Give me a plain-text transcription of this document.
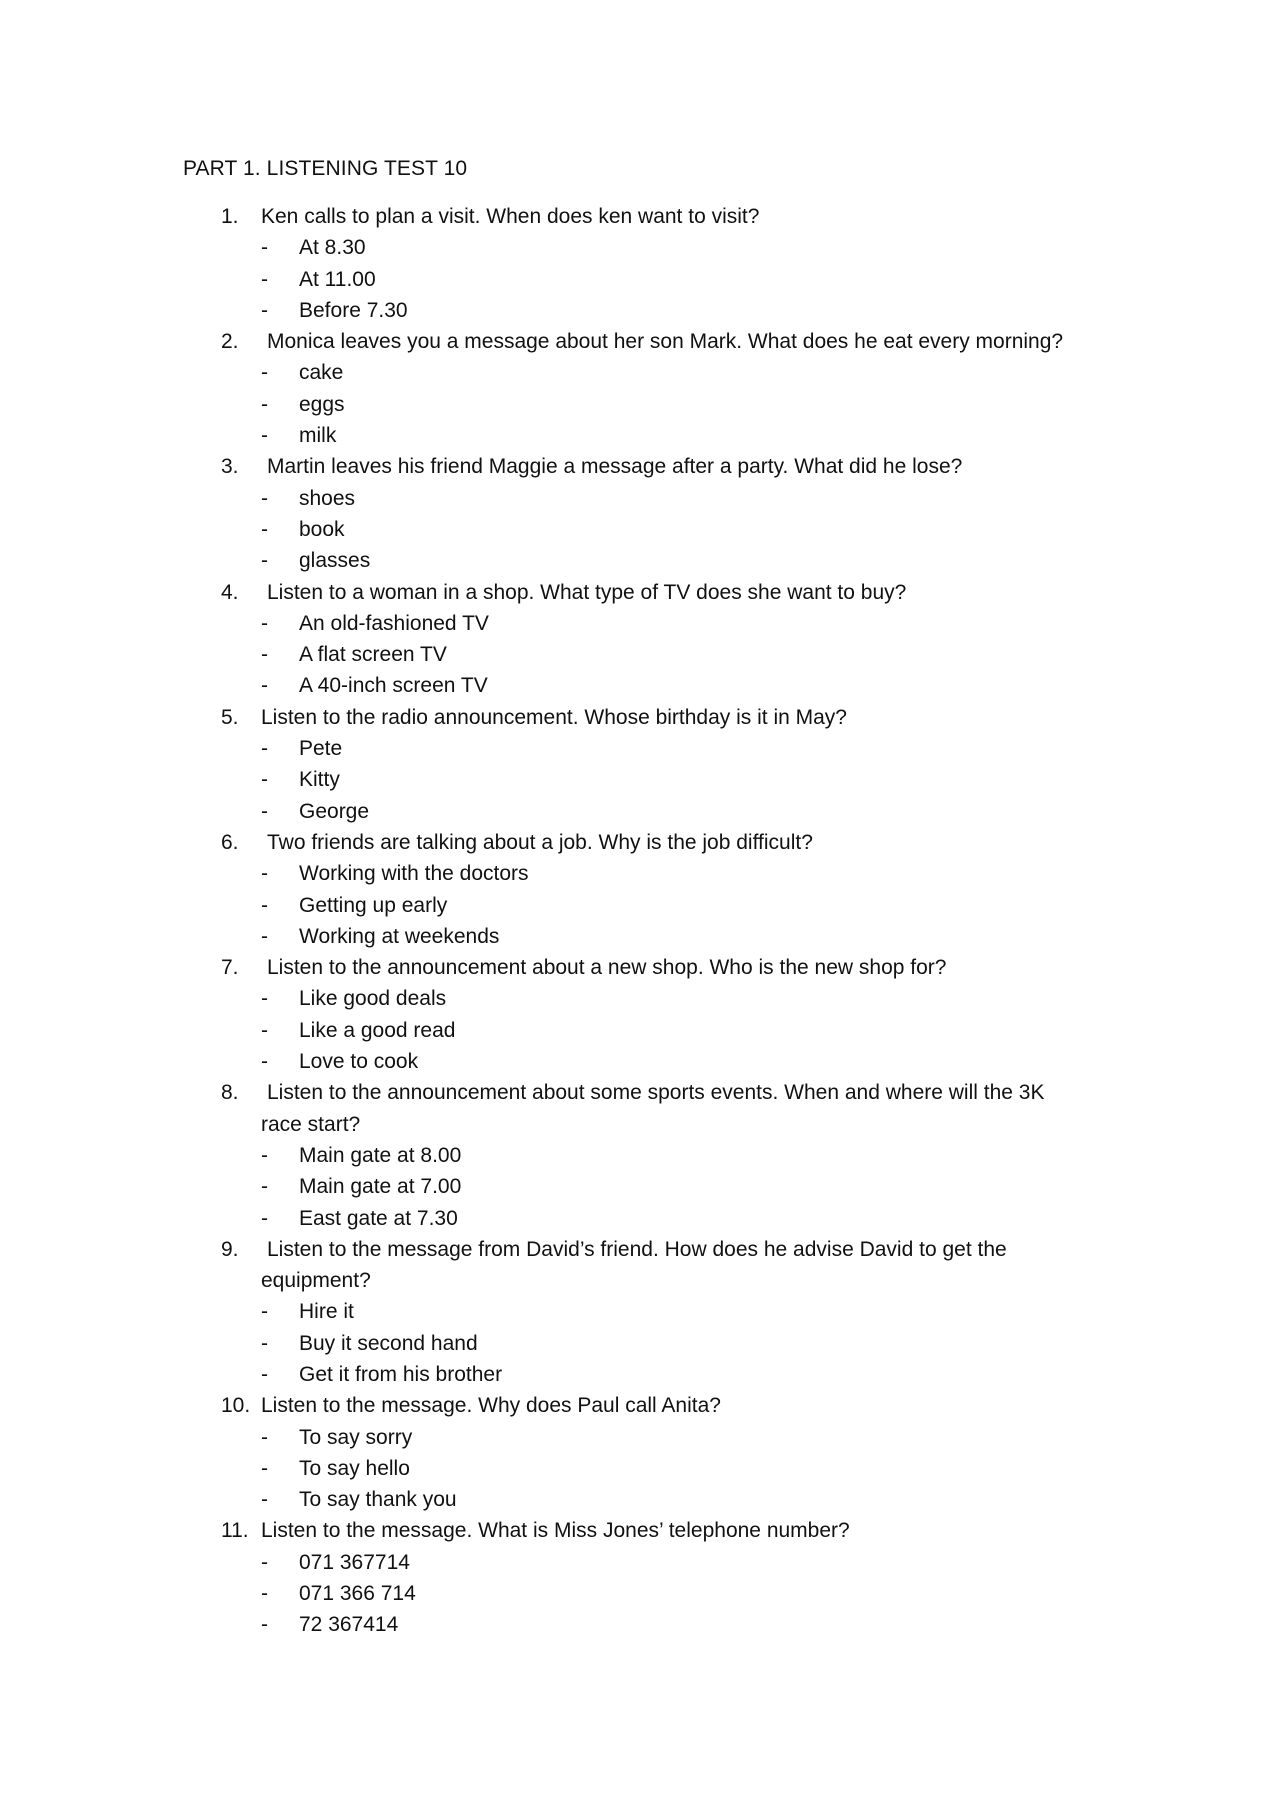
PART 1. LISTENING TEST 10
1. Ken calls to plan a visit. When does ken want to visit?
- At 8.30
- At 11.00
- Before 7.30
2. Monica leaves you a message about her son Mark. What does he eat every morning?
- cake
- eggs
- milk
3. Martin leaves his friend Maggie a message after a party. What did he lose?
- shoes
- book
- glasses
4. Listen to a woman in a shop. What type of TV does she want to buy?
- An old-fashioned TV
- A flat screen TV
- A 40-inch screen TV
5. Listen to the radio announcement. Whose birthday is it in May?
- Pete
- Kitty
- George
6. Two friends are talking about a job. Why is the job difficult?
- Working with the doctors
- Getting up early
- Working at weekends
7. Listen to the announcement about a new shop. Who is the new shop for?
- Like good deals
- Like a good read
- Love to cook
8. Listen to the announcement about some sports events. When and where will the 3K race start?
- Main gate at 8.00
- Main gate at 7.00
- East gate at 7.30
9. Listen to the message from David’s friend. How does he advise David to get the equipment?
- Hire it
- Buy it second hand
- Get it from his brother
10. Listen to the message. Why does Paul call Anita?
- To say sorry
- To say hello
- To say thank you
11. Listen to the message. What is Miss Jones’ telephone number?
- 071 367714
- 071 366 714
- 72 367414
